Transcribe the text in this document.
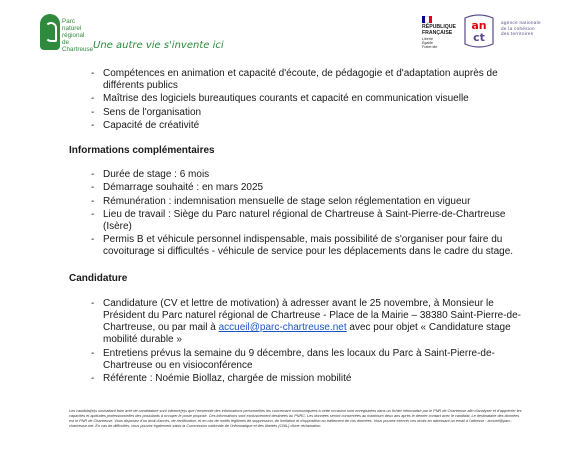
Parc
naturel
régional
de Chartreuse Une autre vie s'invente ici
RÉPUBLIQUE
FRANÇAISE
Liberté
Égalité
Fraternité
an
ct
agence nationale
de la cohésion
des territoires
- Compétences en animation et capacité d'écoute, de pédagogie et d'adaptation auprès de
différents publics
- Maîtrise des logiciels bureautiques courants et capacité en communication visuelle
- Sens de l'organisation
- Capacité de créativité
Informations complémentaires
- Durée de stage : 6 mois
- Démarrage souhaité : en mars 2025
- Rémunération : indemnisation mensuelle de stage selon réglementation en vigueur
- Lieu de travail : Siège du Parc naturel régional de Chartreuse à Saint-Pierre-de-Chartreuse (Isère)
- Permis B et véhicule personnel indispensable, mais possibilité de s'organiser pour faire du
covoiturage si difficultés - véhicule de service pour les déplacements dans le cadre du stage.
Candidature
- Candidature (CV et lettre de motivation) à adresser avant le 25 novembre, à Monsieur le
Président du Parc naturel régional de Chartreuse - Place de la Mairie – 38380 Saint-Pierre-de-
Chartreuse, ou par mail à accueil@parc-chartreuse.net avec pour objet « Candidature stage
mobilité durable »
- Entretiens prévus la semaine du 9 décembre, dans les locaux du Parc à Saint-Pierre-de-
Chartreuse ou en visioconférence
- Référente : Noémie Biollaz, chargée de mission mobilité
Les candidat(e)s souhaitant faire acte de candidature sont informé(e)s que l'ensemble des informations personnelles les concernant communiquées à cette occasion sont enregistrées dans un fichier informatisé par le PNR de Chartreuse afin d'analyser et d'apprécier les capacités et aptitudes professionnelles des postulants à occuper le poste proposé. Ces informations sont exclusivement destinées au PNRC. Les données seront conservées au maximum deux ans après le dernier contact avec le candidat. Le destinataire des données est le PNR de Chartreuse. Vous disposez d'un droit d'accès, de rectification, et en cas de motifs légitimes de suppression, de limitation et d'opposition au traitement de vos données. Vous pouvez exercer ces droits en adressant un email à l'adresse : accueil@parc-chartreuse.net. En cas de difficultés, vous pouvez également saisir la Commission nationale de l'informatique et des libertés (CNIL) d'une réclamation.
